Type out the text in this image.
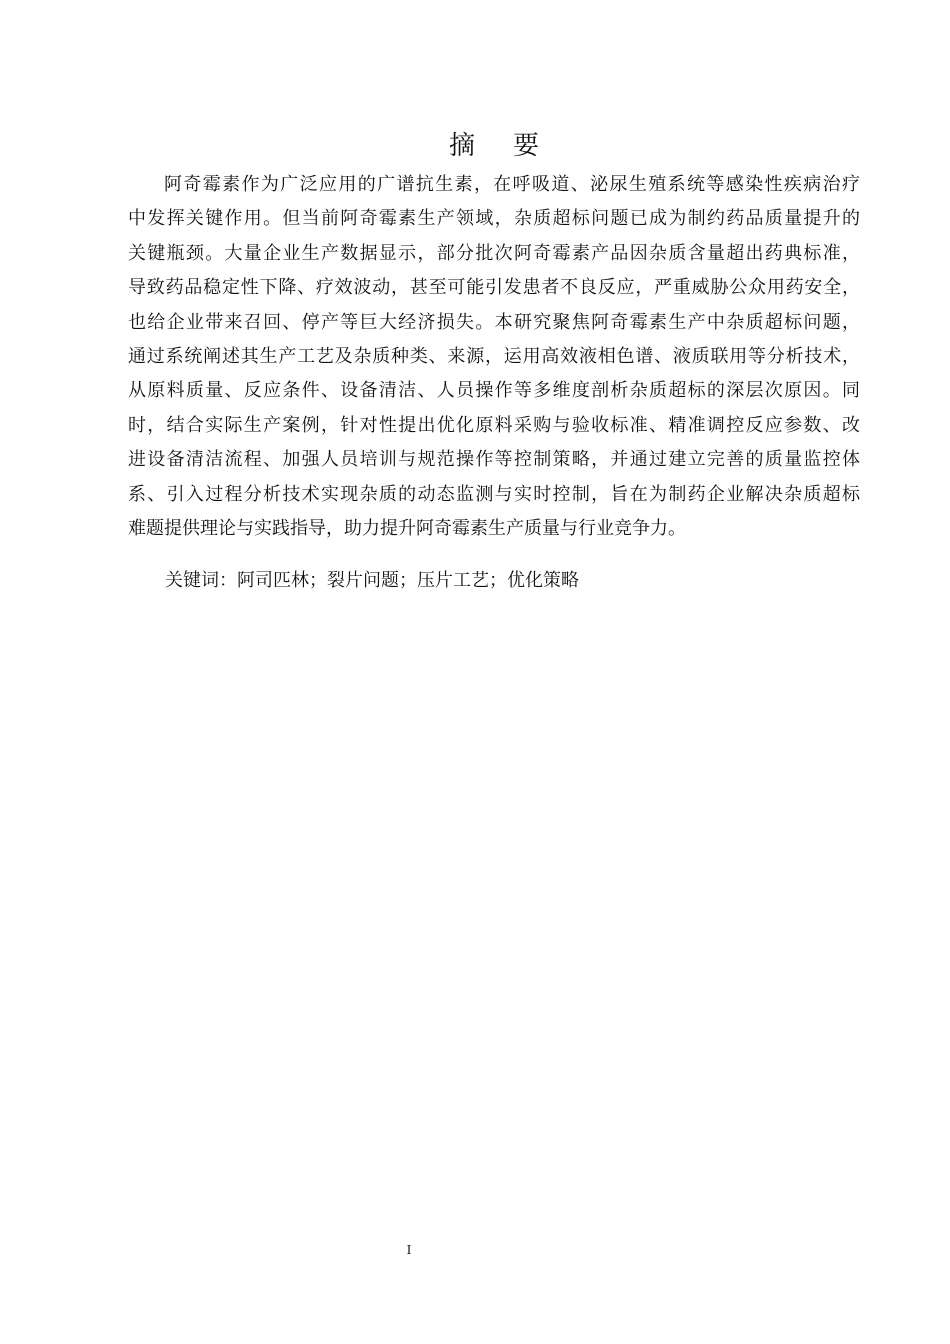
摘 要
阿奇霉素作为广泛应用的广谱抗生素，在呼吸道、泌尿生殖系统等感染性疾病治疗
中发挥关键作用。但当前阿奇霉素生产领域，杂质超标问题已成为制约药品质量提升的
关键瓶颈。大量企业生产数据显示，部分批次阿奇霉素产品因杂质含量超出药典标准，
导致药品稳定性下降、疗效波动，甚至可能引发患者不良反应，严重威胁公众用药安全，
也给企业带来召回、停产等巨大经济损失。本研究聚焦阿奇霉素生产中杂质超标问题，
通过系统阐述其生产工艺及杂质种类、来源，运用高效液相色谱、液质联用等分析技术，
从原料质量、反应条件、设备清洁、人员操作等多维度剖析杂质超标的深层次原因。同
时，结合实际生产案例，针对性提出优化原料采购与验收标准、精准调控反应参数、改
进设备清洁流程、加强人员培训与规范操作等控制策略，并通过建立完善的质量监控体
系、引入过程分析技术实现杂质的动态监测与实时控制，旨在为制药企业解决杂质超标
难题提供理论与实践指导，助力提升阿奇霉素生产质量与行业竞争力。
关键词：阿司匹林；裂片问题；压片工艺；优化策略
I
